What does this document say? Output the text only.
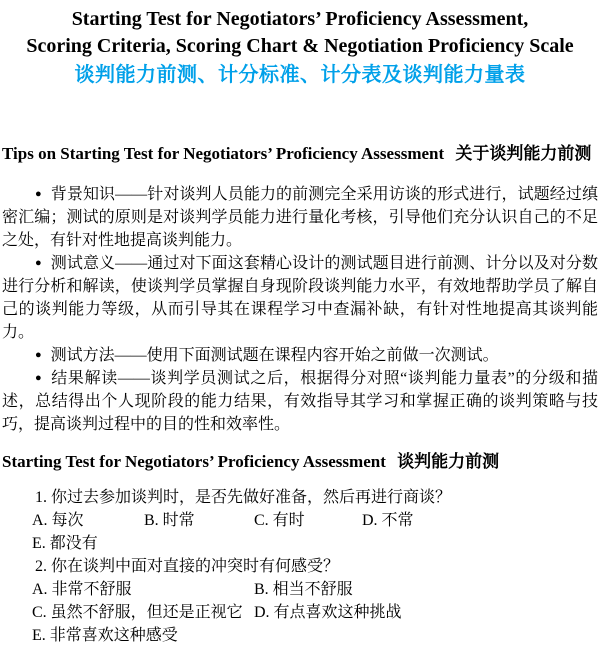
Starting Test for Negotiators’ Proficiency Assessment,
Scoring Criteria, Scoring Chart & Negotiation Proficiency Scale
谈判能力前测、计分标准、计分表及谈判能力量表
Tips on Starting Test for Negotiators’ Proficiency Assessment 关于谈判能力前测

● 背景知识——针对谈判人员能力的前测完全采用访谈的形式进行，试题经过缜密汇编；测试的原则是对谈判学员能力进行量化考核，引导他们充分认识自己的不足之处，有针对性地提高谈判能力。

● 测试意义——通过对下面这套精心设计的测试题目进行前测、计分以及对分数进行分析和解读，使谈判学员掌握自身现阶段谈判能力水平，有效地帮助学员了解自己的谈判能力等级，从而引导其在课程学习中查漏补缺，有针对性地提高其谈判能力。

● 测试方法——使用下面测试题在课程内容开始之前做一次测试。

● 结果解读——谈判学员测试之后，根据得分对照“谈判能力量表”的分级和描述，总结得出个人现阶段的能力结果，有效指导其学习和掌握正确的谈判策略与技巧，提高谈判过程中的目的性和效率性。

Starting Test for Negotiators’ Proficiency Assessment 谈判能力前测

1. 你过去参加谈判时，是否先做好准备，然后再进行商谈？

A. 每次	B. 时常	C. 有时	D. 不常

E. 都没有

2. 你在谈判中面对直接的冲突时有何感受？

A. 非常不舒服	B. 相当不舒服
C. 虽然不舒服，但还是正视它 D. 有点喜欢这种挑战
E. 非常喜欢这种感受
